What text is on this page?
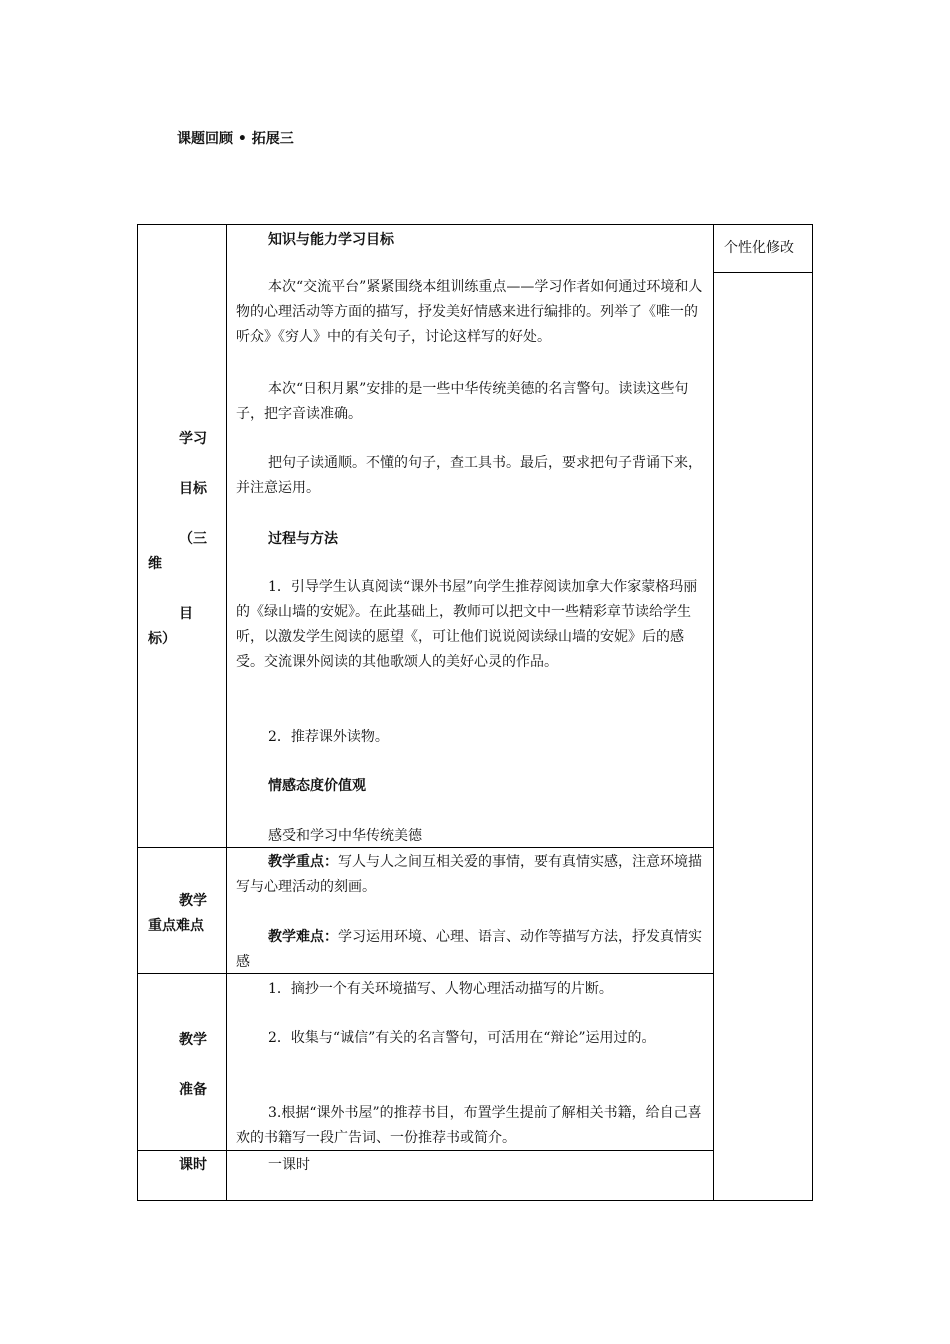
课题回顾 • 拓展三
个性化修改
学习
目标
（三
维
目
标）
知识与能力学习目标
本次“交流平台”紧紧围绕本组训练重点——学习作者如何通过环境和人物的心理活动等方面的描写，抒发美好情感来进行编排的。列举了《唯一的听众》《穷人》中的有关句子，讨论这样写的好处。
本次“日积月累”安排的是一些中华传统美德的名言警句。读读这些句子，把字音读准确。
把句子读通顺。不懂的句子，查工具书。最后，要求把句子背诵下来，并注意运用。
过程与方法
1．引导学生认真阅读“课外书屋”向学生推荐阅读加拿大作家蒙格玛丽的《绿山墙的安妮》。在此基础上，教师可以把文中一些精彩章节读给学生听，以激发学生阅读的愿望《，可让他们说说阅读绿山墙的安妮》后的感受。交流课外阅读的其他歌颂人的美好心灵的作品。
2．推荐课外读物。
情感态度价值观
感受和学习中华传统美德
教学
重点难点
教学重点：写人与人之间互相关爱的事情，要有真情实感，注意环境描写与心理活动的刻画。
教学难点：学习运用环境、心理、语言、动作等描写方法，抒发真情实感
教学
准备
1．摘抄一个有关环境描写、人物心理活动描写的片断。
2．收集与“诚信”有关的名言警句，可活用在“辩论”运用过的。
3.根据“课外书屋”的推荐书目，布置学生提前了解相关书籍，给自己喜欢的书籍写一段广告词、一份推荐书或简介。
课时	一课时
